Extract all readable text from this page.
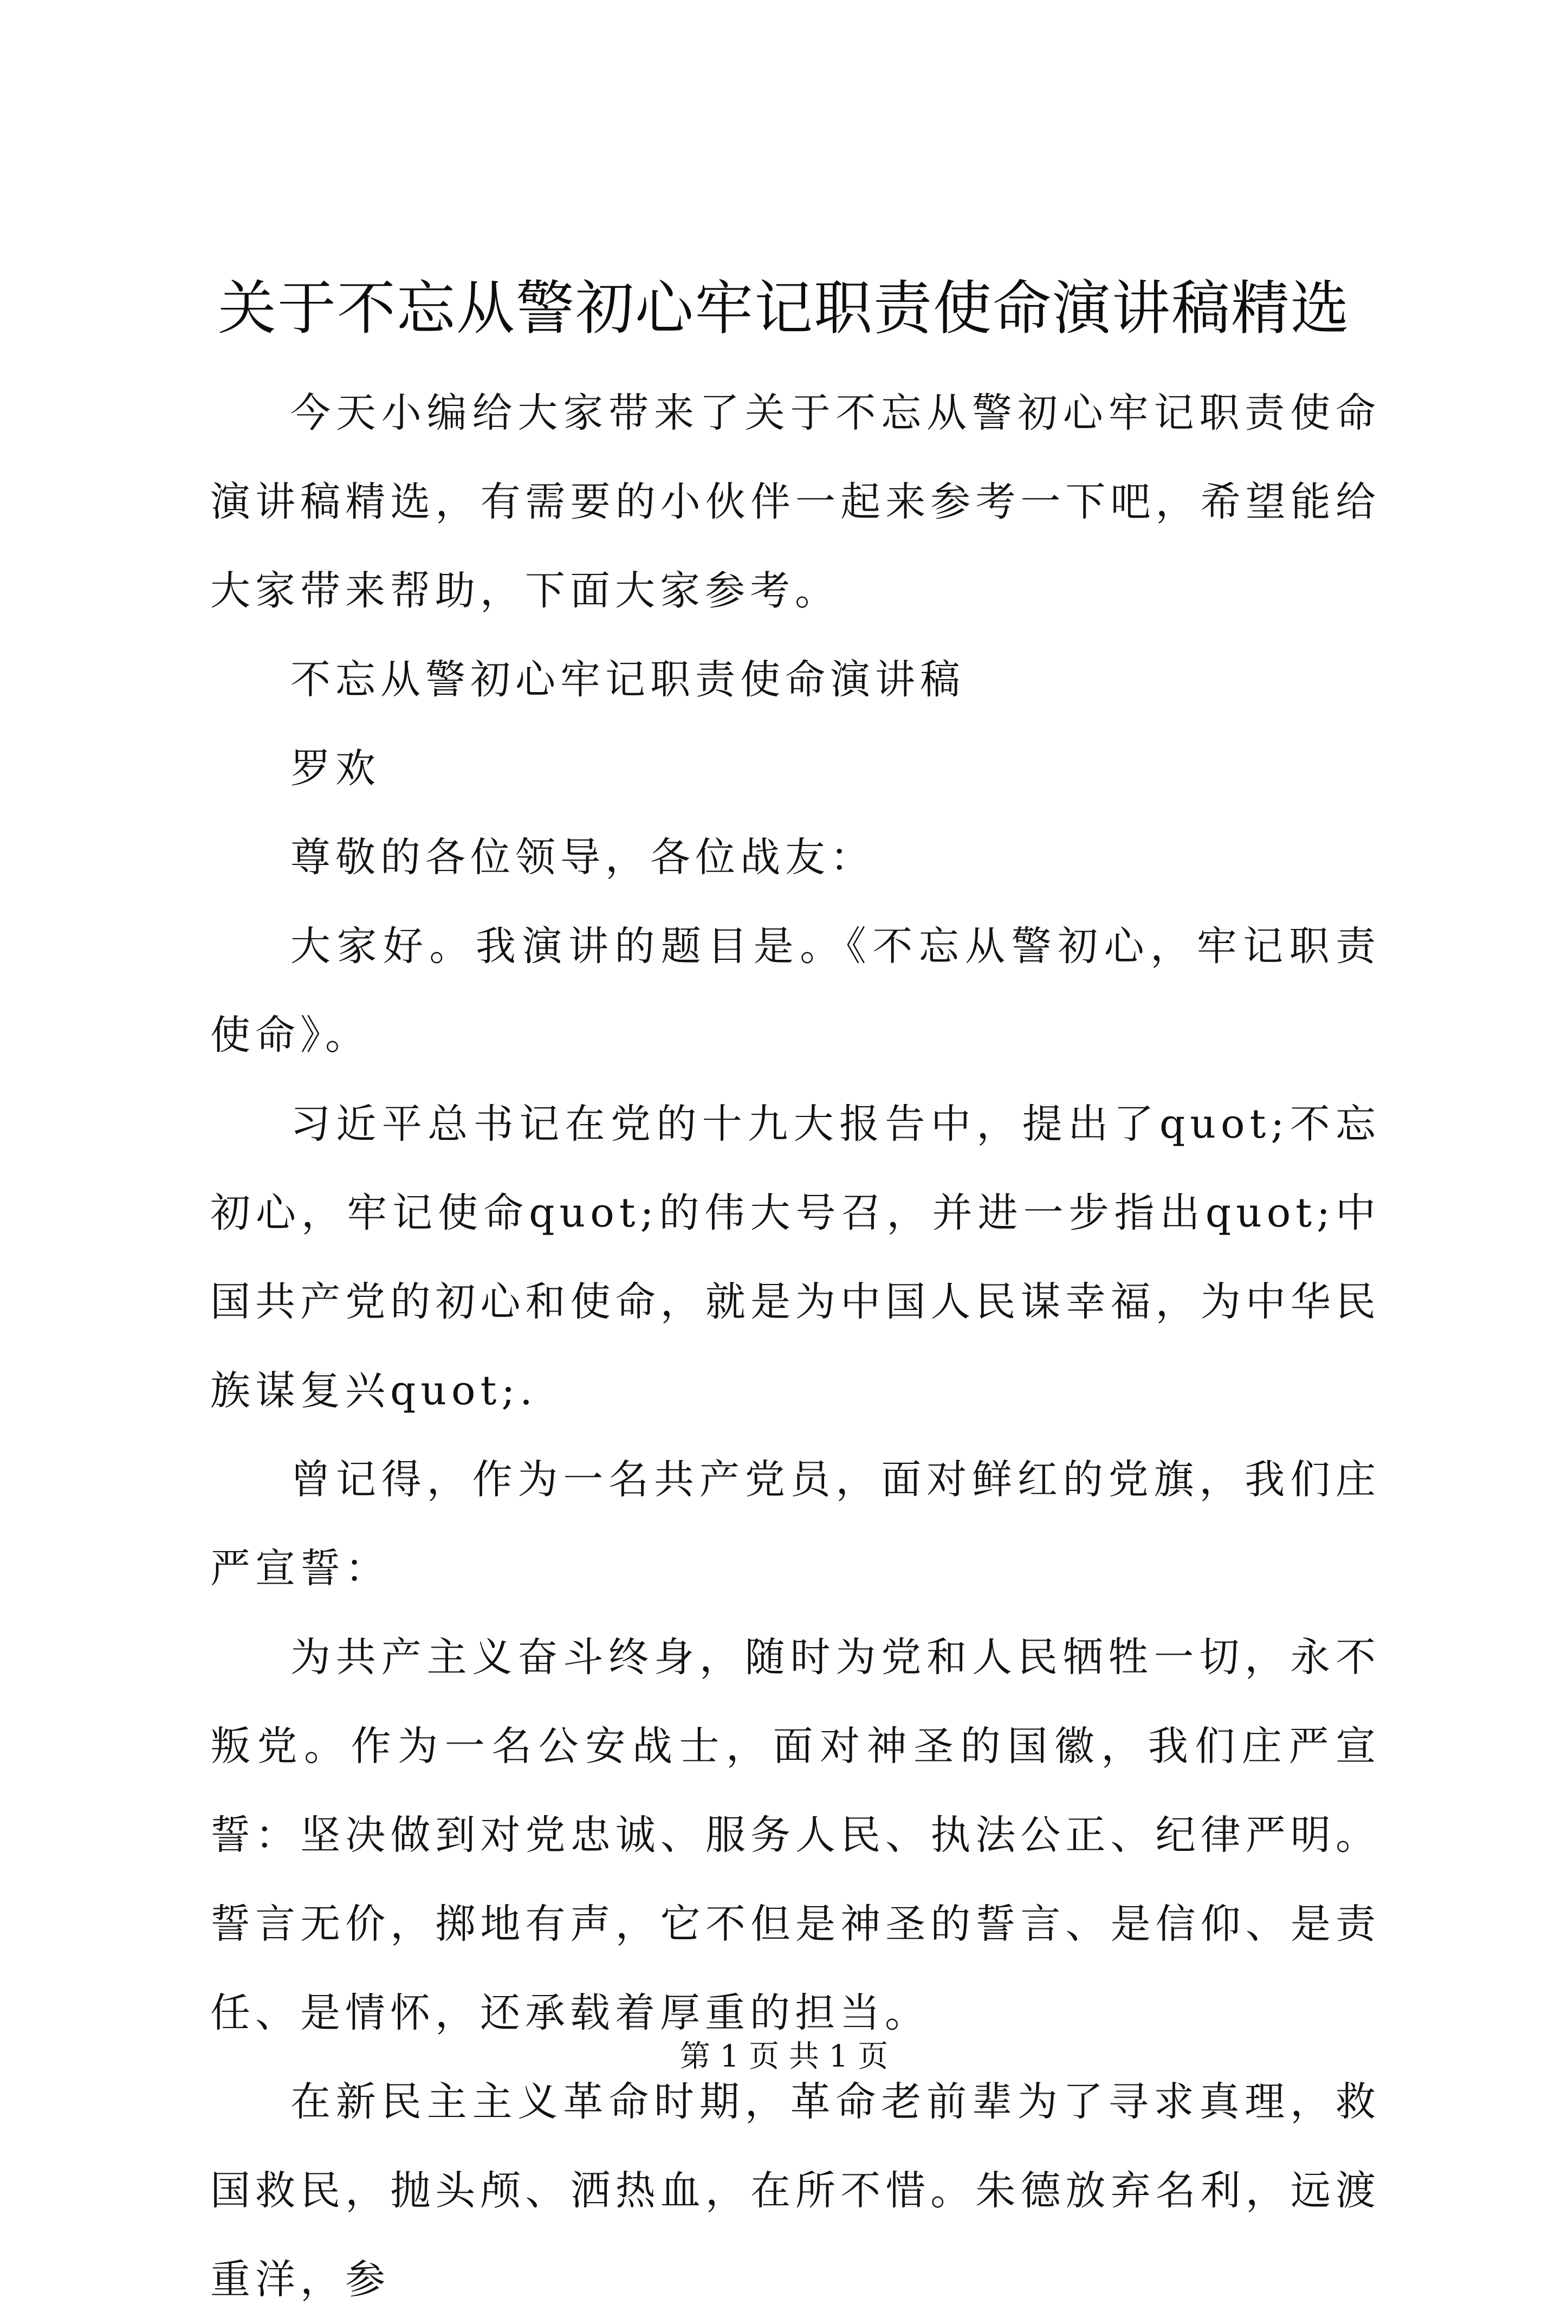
关于不忘从警初心牢记职责使命演讲稿精选

今天小编给大家带来了关于不忘从警初心牢记职责使命演讲稿精选，有需要的小伙伴一起来参考一下吧，希望能给大家带来帮助，下面大家参考。

不忘从警初心牢记职责使命演讲稿

罗欢

尊敬的各位领导，各位战友：

大家好。我演讲的题目是。《不忘从警初心，牢记职责使命》。

习近平总书记在党的十九大报告中，提出了quot;不忘初心，牢记使命quot;的伟大号召，并进一步指出quot;中国共产党的初心和使命，就是为中国人民谋幸福，为中华民族谋复兴quot;.

曾记得，作为一名共产党员，面对鲜红的党旗，我们庄严宣誓：

为共产主义奋斗终身，随时为党和人民牺牲一切，永不叛党。作为一名公安战士，面对神圣的国徽，我们庄严宣誓：坚决做到对党忠诚、服务人民、执法公正、纪律严明。誓言无价，掷地有声，它不但是神圣的誓言、是信仰、是责任、是情怀，还承载着厚重的担当。

在新民主主义革命时期，革命老前辈为了寻求真理，救国救民，抛头颅、洒热血，在所不惜。朱德放弃名利，远渡重洋，参

第 1 页 共 1 页
